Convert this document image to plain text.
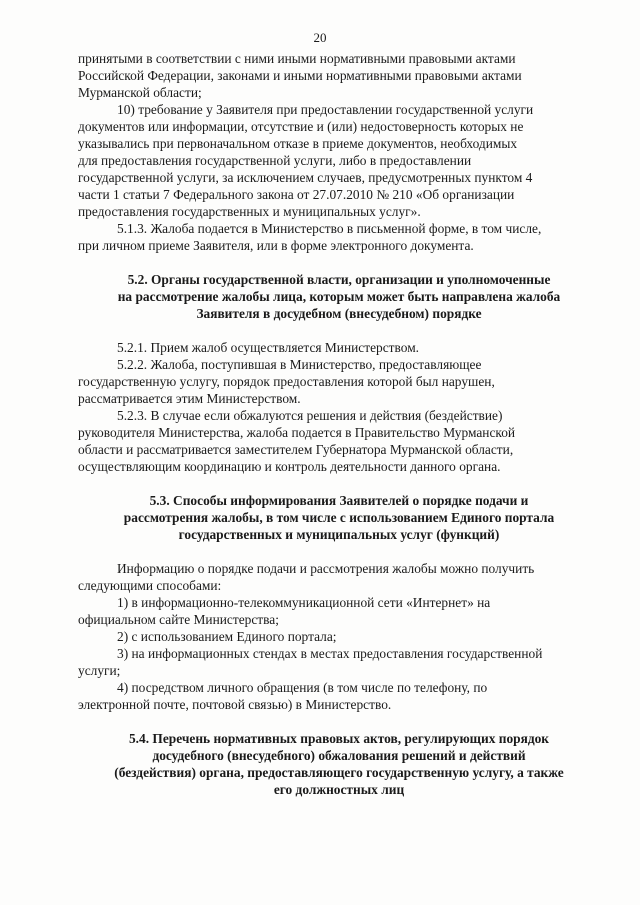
20

принятыми в соответствии с ними иными нормативными правовыми актами

Российской Федерации, законами и иными нормативными правовыми актами

Мурманской области;

10) требование у Заявителя при предоставлении государственной услуги

документов или информации, отсутствие и (или) недостоверность которых не

указывались при первоначальном отказе в приеме документов, необходимых

для предоставления государственной услуги, либо в предоставлении

государственной услуги, за исключением случаев, предусмотренных пунктом 4

части 1 статьи 7 Федерального закона от 27.07.2010 № 210 «Об организации

предоставления государственных и муниципальных услуг».

5.1.3. Жалоба подается в Министерство в письменной форме, в том числе,

при личном приеме Заявителя, или в форме электронного документа.

5.2. Органы государственной власти, организации и уполномоченные
на рассмотрение жалобы лица, которым может быть направлена жалоба
Заявителя в досудебном (внесудебном) порядке

5.2.1. Прием жалоб осуществляется Министерством.

5.2.2. Жалоба, поступившая в Министерство, предоставляющее

государственную услугу, порядок предоставления которой был нарушен,

рассматривается этим Министерством.

5.2.3. В случае если обжалуются решения и действия (бездействие)

руководителя Министерства, жалоба подается в Правительство Мурманской

области и рассматривается заместителем Губернатора Мурманской области,

осуществляющим координацию и контроль деятельности данного органа.

5.3. Способы информирования Заявителей о порядке подачи и
рассмотрения жалобы, в том числе с использованием Единого портала
государственных и муниципальных услуг (функций)

Информацию о порядке подачи и рассмотрения жалобы можно получить

следующими способами:

1) в информационно-телекоммуникационной сети «Интернет» на

официальном сайте Министерства;

2) с использованием Единого портала;

3) на информационных стендах в местах предоставления государственной

услуги;

4) посредством личного обращения (в том числе по телефону, по

электронной почте, почтовой связью) в Министерство.

5.4. Перечень нормативных правовых актов, регулирующих порядок
досудебного (внесудебного) обжалования решений и действий
(бездействия) органа, предоставляющего государственную услугу, а также
его должностных лиц
